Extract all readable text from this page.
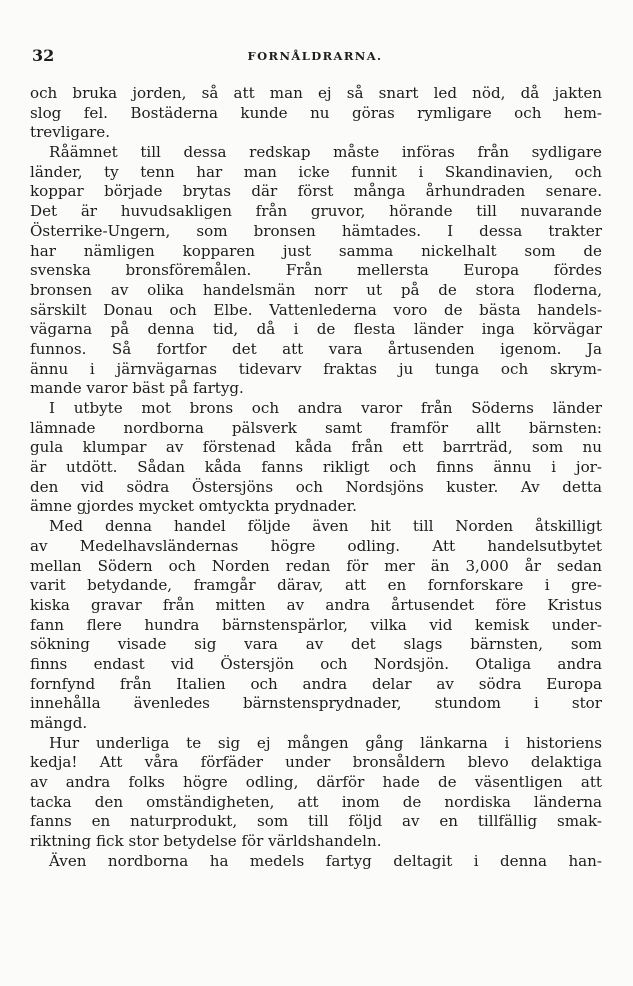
32	FORNÅLDRARNA.
och bruka jorden, så att man ej så snart led nöd, då jakten
slog fel. Bostäderna kunde nu göras rymligare och hem-
trevligare.
Råämnet till dessa redskap måste införas från sydligare
länder, ty tenn har man icke funnit i Skandinavien, och
koppar började brytas där först många århundraden senare.
Det är huvudsakligen från gruvor, hörande till nuvarande
Österrike-Ungern, som bronsen hämtades. I dessa trakter
har nämligen kopparen just samma nickelhalt som de
svenska bronsföremålen. Från mellersta Europa fördes
bronsen av olika handelsmän norr ut på de stora floderna,
särskilt Donau och Elbe. Vattenlederna voro de bästa handels-
vägarna på denna tid, då i de flesta länder inga körvägar
funnos. Så fortfor det att vara årtusenden igenom. Ja
ännu i järnvägarnas tidevarv fraktas ju tunga och skrym-
mande varor bäst på fartyg.
I utbyte mot brons och andra varor från Söderns länder
lämnade nordborna pälsverk samt framför allt bärnsten:
gula klumpar av förstenad kåda från ett barrträd, som nu
är utdött. Sådan kåda fanns rikligt och finns ännu i jor-
den vid södra Östersjöns och Nordsjöns kuster. Av detta
ämne gjordes mycket omtyckta prydnader.
Med denna handel följde även hit till Norden åtskilligt
av Medelhavsländernas högre odling. Att handelsutbytet
mellan Södern och Norden redan för mer än 3,000 år sedan
varit betydande, framgår därav, att en fornforskare i gre-
kiska gravar från mitten av andra årtusendet före Kristus
fann flere hundra bärnstenspärlor, vilka vid kemisk under-
sökning visade sig vara av det slags bärnsten, som
finns endast vid Östersjön och Nordsjön. Otaliga andra
fornfynd från Italien och andra delar av södra Europa
innehålla ävenledes bärnstensprydnader, stundom i stor
mängd.
Hur underliga te sig ej mången gång länkarna i historiens
kedja! Att våra förfäder under bronsåldern blevo delaktiga
av andra folks högre odling, därför hade de väsentligen att
tacka den omständigheten, att inom de nordiska länderna
fanns en naturprodukt, som till följd av en tillfällig smak-
riktning fick stor betydelse för världshandeln.
Även nordborna ha medels fartyg deltagit i denna han-
